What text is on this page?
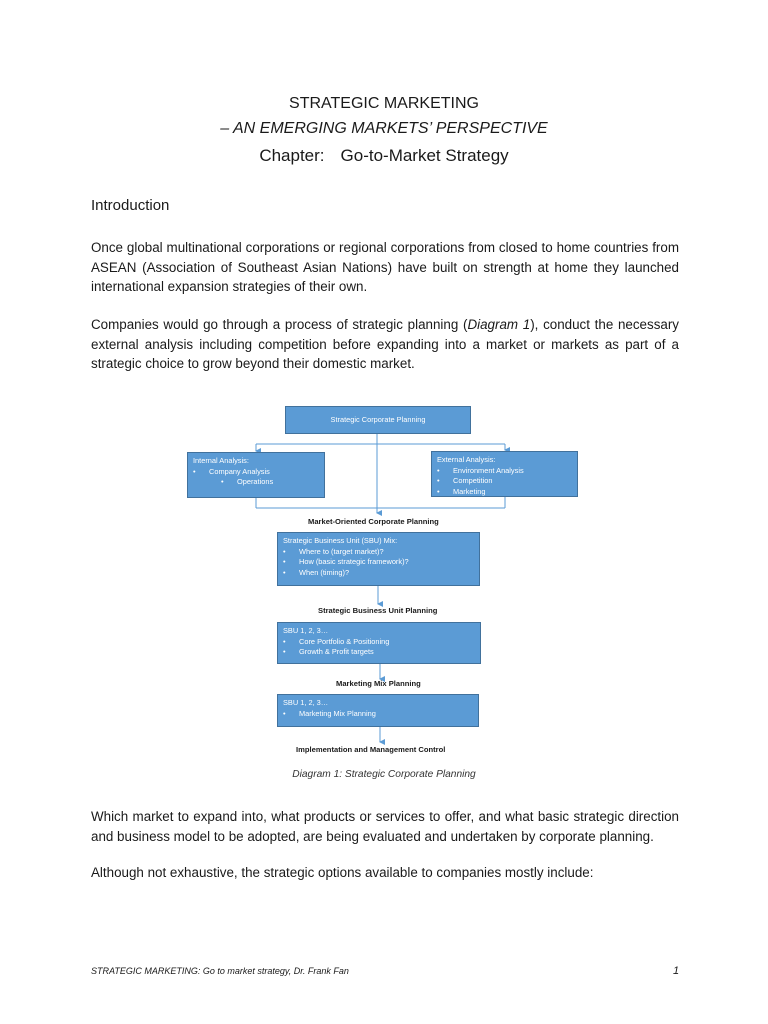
STRATEGIC MARKETING
– AN EMERGING MARKETS’ PERSPECTIVE
Chapter: Go-to-Market Strategy
Introduction

Once global multinational corporations or regional corporations from closed to home countries from ASEAN (Association of Southeast Asian Nations) have built on strength at home they launched international expansion strategies of their own.

Companies would go through a process of strategic planning (Diagram 1), conduct the necessary external analysis including competition before expanding into a market or markets as part of a strategic choice to grow beyond their domestic market.

Strategic Corporate Planning
Internal Analysis:
• Company Analysis
• Operations
External Analysis:
• Environment Analysis
• Competition
• Marketing
Market-Oriented Corporate Planning
Strategic Business Unit (SBU) Mix:
• Where to (target market)?
• How (basic strategic framework)?
• When (timing)?
Strategic Business Unit Planning
SBU 1, 2, 3…
• Core Portfolio & Positioning
• Growth & Profit targets
Marketing Mix Planning
SBU 1, 2, 3…
• Marketing Mix Planning
Implementation and Management Control
Diagram 1: Strategic Corporate Planning

Which market to expand into, what products or services to offer, and what basic strategic direction and business model to be adopted, are being evaluated and undertaken by corporate planning.

Although not exhaustive, the strategic options available to companies mostly include:

STRATEGIC MARKETING: Go to market strategy, Dr. Frank Fan	1
